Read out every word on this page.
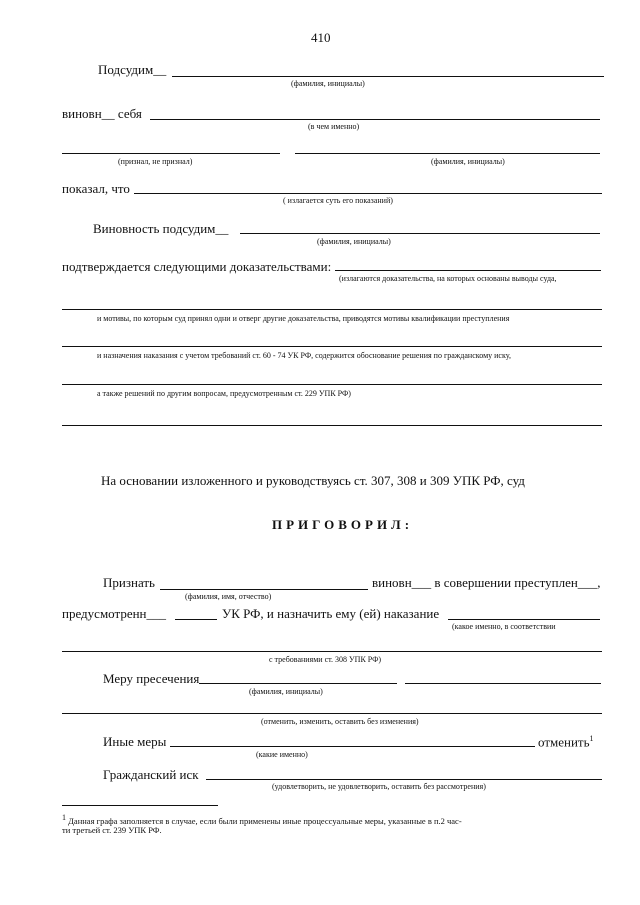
410
Подсудим__
(фамилия, инициалы)
виновн__ себя
(в чем именно)
(признал, не признал)	(фамилия, инициалы)
показал, что
( излагается суть его показаний)
Виновность подсудим__
(фамилия, инициалы)
подтверждается следующими доказательствами:
(излагаются доказательства, на которых основаны выводы суда,
и мотивы, по которым суд принял одни и отверг другие доказательства, приводятся мотивы квалификации преступления
и назначения наказания с учетом требований ст. 60 - 74 УК РФ, содержится обоснование решения по гражданскому иску,
а также решений по другим вопросам, предусмотренным ст. 229 УПК РФ)
На основании изложенного и руководствуясь ст. 307, 308 и 309 УПК РФ, суд
ПРИГОВОРИЛ:
Признать	виновн___ в совершении преступлен___,
(фамилия, имя, отчество)
предусмотренн___	УК РФ, и назначить ему (ей) наказание
(какое именно, в соответствии
с требованиями ст. 308 УПК РФ)
Меру пресечения
(фамилия, инициалы)
(отменить, изменить, оставить без изменения)
Иные меры	отменить$^1$
(какие именно)
Гражданский иск
(удовлетворить, не удовлетворить, оставить без рассмотрения)
$^1$ Данная графа заполняется в случае, если были применены иные процессуальные меры, указанные в п.2 час-
ти третьей ст. 239 УПК РФ.
